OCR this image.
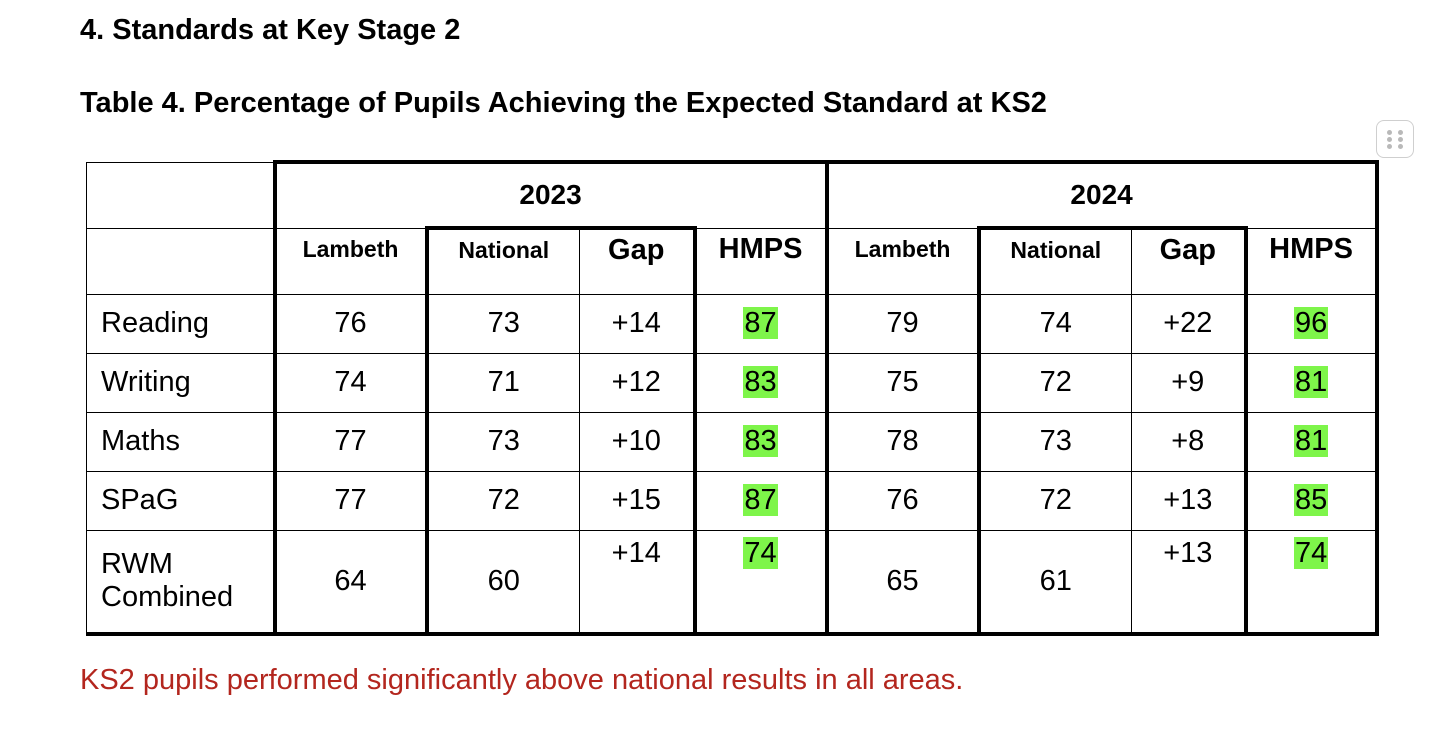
4. Standards at Key Stage 2
Table 4. Percentage of Pupils Achieving the Expected Standard at KS2
	2023				2024			
	Lambeth	National	Gap	HMPS	Lambeth	National	Gap	HMPS
Reading	76	73	+14	87	79	74	+22	96
Writing	74	71	+12	83	75	72	+9	81
Maths	77	73	+10	83	78	73	+8	81
SPaG	77	72	+15	87	76	72	+13	85
RWM
Combined	64	60	+14	74	65	61	+13	74

KS2 pupils performed significantly above national results in all areas.
